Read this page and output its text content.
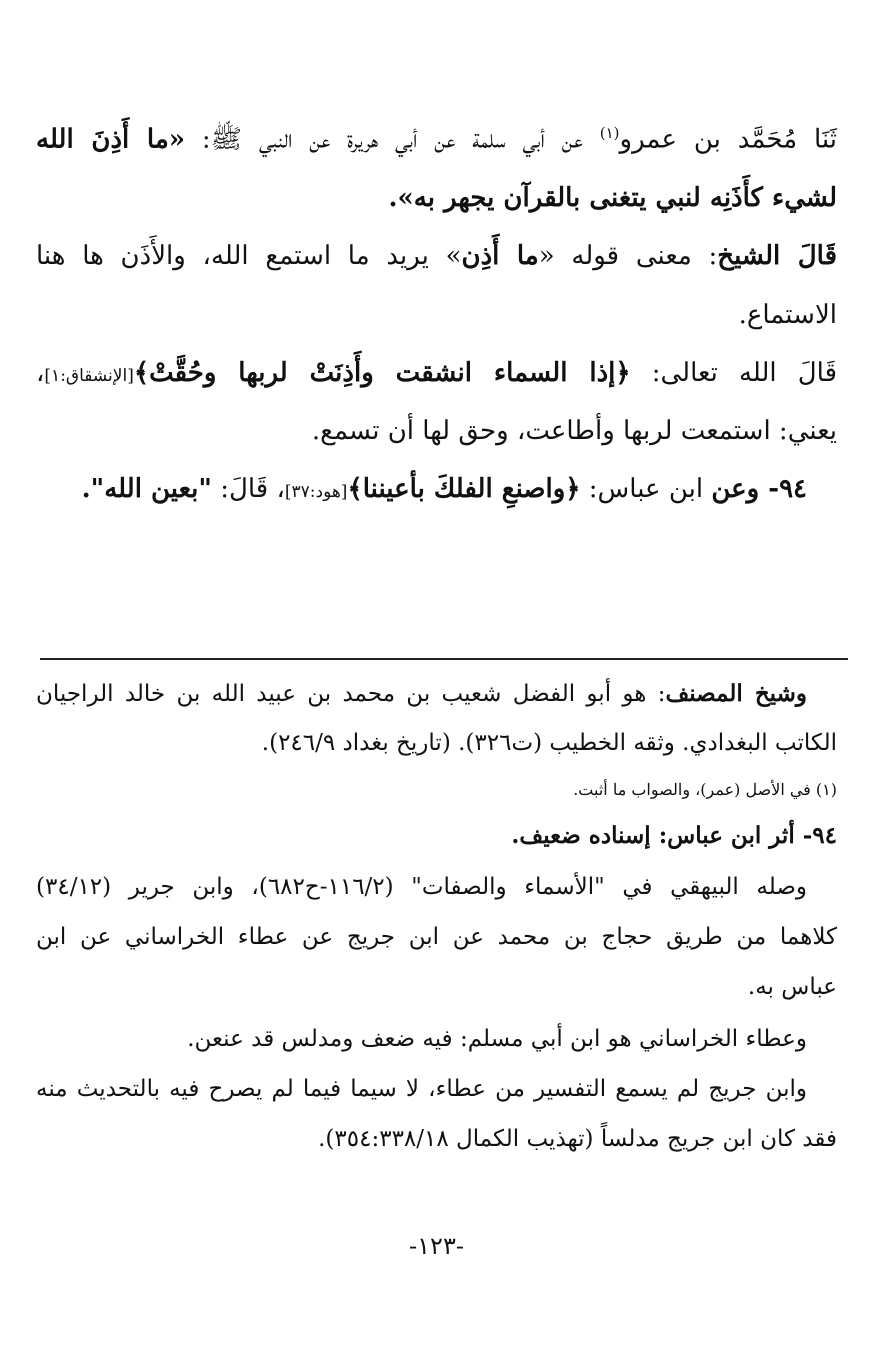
ثَنَا مُحَمَّد بن عمرو$^{(١)}$ عن أبي سلمة عن أبي هريرة عن النبي ﷺ: «ما أَذِنَ الله
لشيء كأَذَنِه لنبي يتغنى بالقرآن يجهر به».
قَالَ الشيخ: معنى قوله «ما أَذِن» يريد ما استمع الله، والأَذَن ها هنا
الاستماع.
قَالَ الله تعالى: ﴿إذا السماء انشقت وأَذِنَتْ لربها وحُقَّتْ﴾[الإنشقاق:١]،
يعني: استمعت لربها وأطاعت، وحق لها أن تسمع.
٩٤- وعن ابن عباس: ﴿واصنعِ الفلكَ بأعيننا﴾[هود:٣٧]، قَالَ: "بعين الله".
وشيخ المصنف: هو أبو الفضل شعيب بن محمد بن عبيد الله بن خالد الراجيان
الكاتب البغدادي. وثقه الخطيب (ت٣٢٦). (تاريخ بغداد ٢٤٦/٩).
(١) في الأصل (عمر)، والصواب ما أثبت.
٩٤- أثر ابن عباس: إسناده ضعيف.
وصله البيهقي في "الأسماء والصفات" (١١٦/٢-ح٦٨٢)، وابن جرير (٣٤/١٢)
كلاهما من طريق حجاج بن محمد عن ابن جريج عن عطاء الخراساني عن ابن
عباس به.
وعطاء الخراساني هو ابن أبي مسلم: فيه ضعف ومدلس قد عنعن.
وابن جريج لم يسمع التفسير من عطاء، لا سيما فيما لم يصرح فيه بالتحديث منه
فقد كان ابن جريج مدلساً (تهذيب الكمال ٣٥٤:٣٣٨/١٨).
-١٢٣-
